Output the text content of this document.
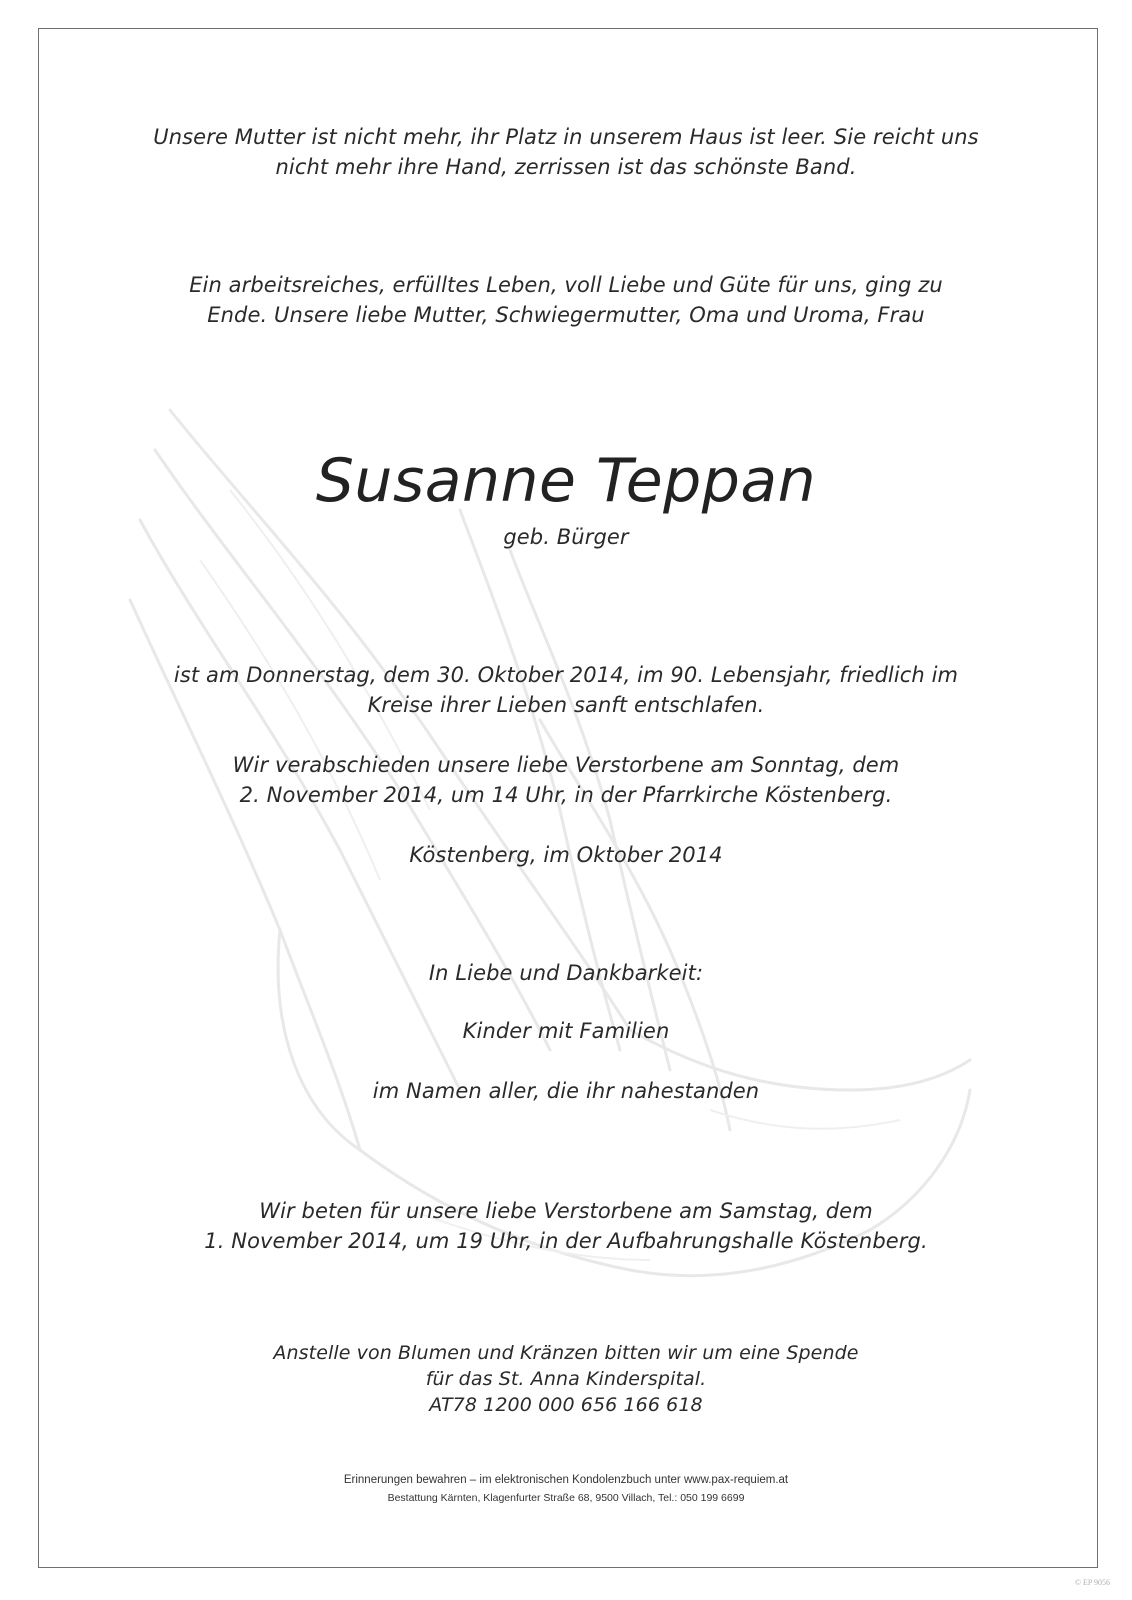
Unsere Mutter ist nicht mehr, ihr Platz in unserem Haus ist leer. Sie reicht uns
nicht mehr ihre Hand, zerrissen ist das schönste Band.
Ein arbeitsreiches, erfülltes Leben, voll Liebe und Güte für uns, ging zu
Ende. Unsere liebe Mutter, Schwiegermutter, Oma und Uroma, Frau
Susanne Teppan
geb. Bürger
ist am Donnerstag, dem 30. Oktober 2014, im 90. Lebensjahr, friedlich im
Kreise ihrer Lieben sanft entschlafen.
Wir verabschieden unsere liebe Verstorbene am Sonntag, dem
2. November 2014, um 14 Uhr, in der Pfarrkirche Köstenberg.
Köstenberg, im Oktober 2014
In Liebe und Dankbarkeit:
Kinder mit Familien
im Namen aller, die ihr nahestanden
Wir beten für unsere liebe Verstorbene am Samstag, dem
1. November 2014, um 19 Uhr, in der Aufbahrungshalle Köstenberg.
Anstelle von Blumen und Kränzen bitten wir um eine Spende
für das St. Anna Kinderspital.
AT78 1200 000 656 166 618
Erinnerungen bewahren – im elektronischen Kondolenzbuch unter www.pax-requiem.at
Bestattung Kärnten, Klagenfurter Straße 68, 9500 Villach, Tel.: 050 199 6699
© EP 9056
